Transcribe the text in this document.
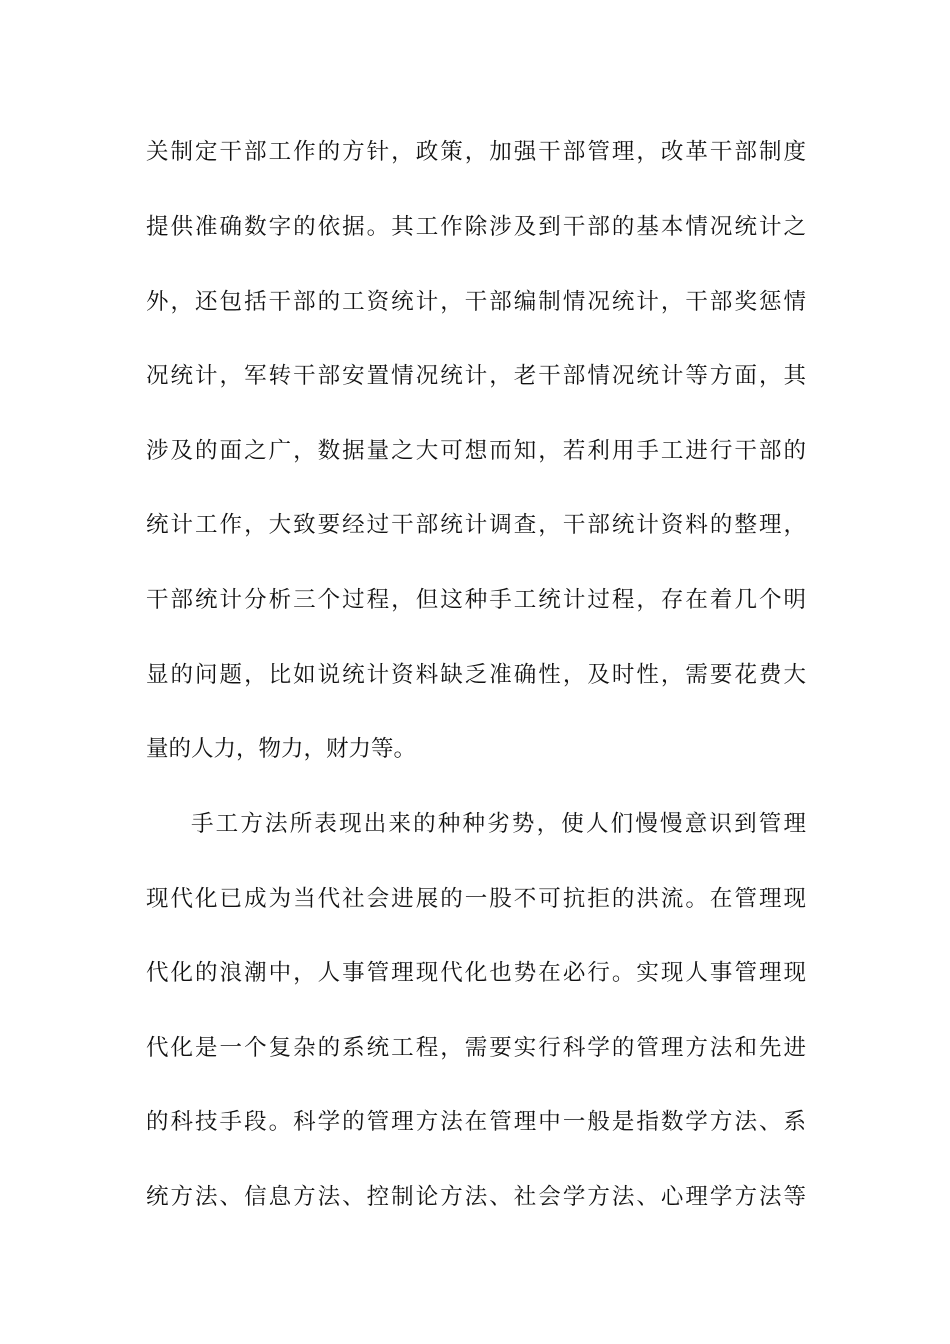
关制定干部工作的方针，政策，加强干部管理，改革干部制度
提供准确数字的依据。其工作除涉及到干部的基本情况统计之
外，还包括干部的工资统计，干部编制情况统计，干部奖惩情
况统计，军转干部安置情况统计，老干部情况统计等方面，其
涉及的面之广，数据量之大可想而知，若利用手工进行干部的
统计工作，大致要经过干部统计调查，干部统计资料的整理，
干部统计分析三个过程，但这种手工统计过程，存在着几个明
显的问题，比如说统计资料缺乏准确性，及时性，需要花费大
量的人力，物力，财力等。
手工方法所表现出来的种种劣势，使人们慢慢意识到管理
现代化已成为当代社会进展的一股不可抗拒的洪流。在管理现
代化的浪潮中，人事管理现代化也势在必行。实现人事管理现
代化是一个复杂的系统工程，需要实行科学的管理方法和先进
的科技手段。科学的管理方法在管理中一般是指数学方法、系
统方法、信息方法、控制论方法、社会学方法、心理学方法等
